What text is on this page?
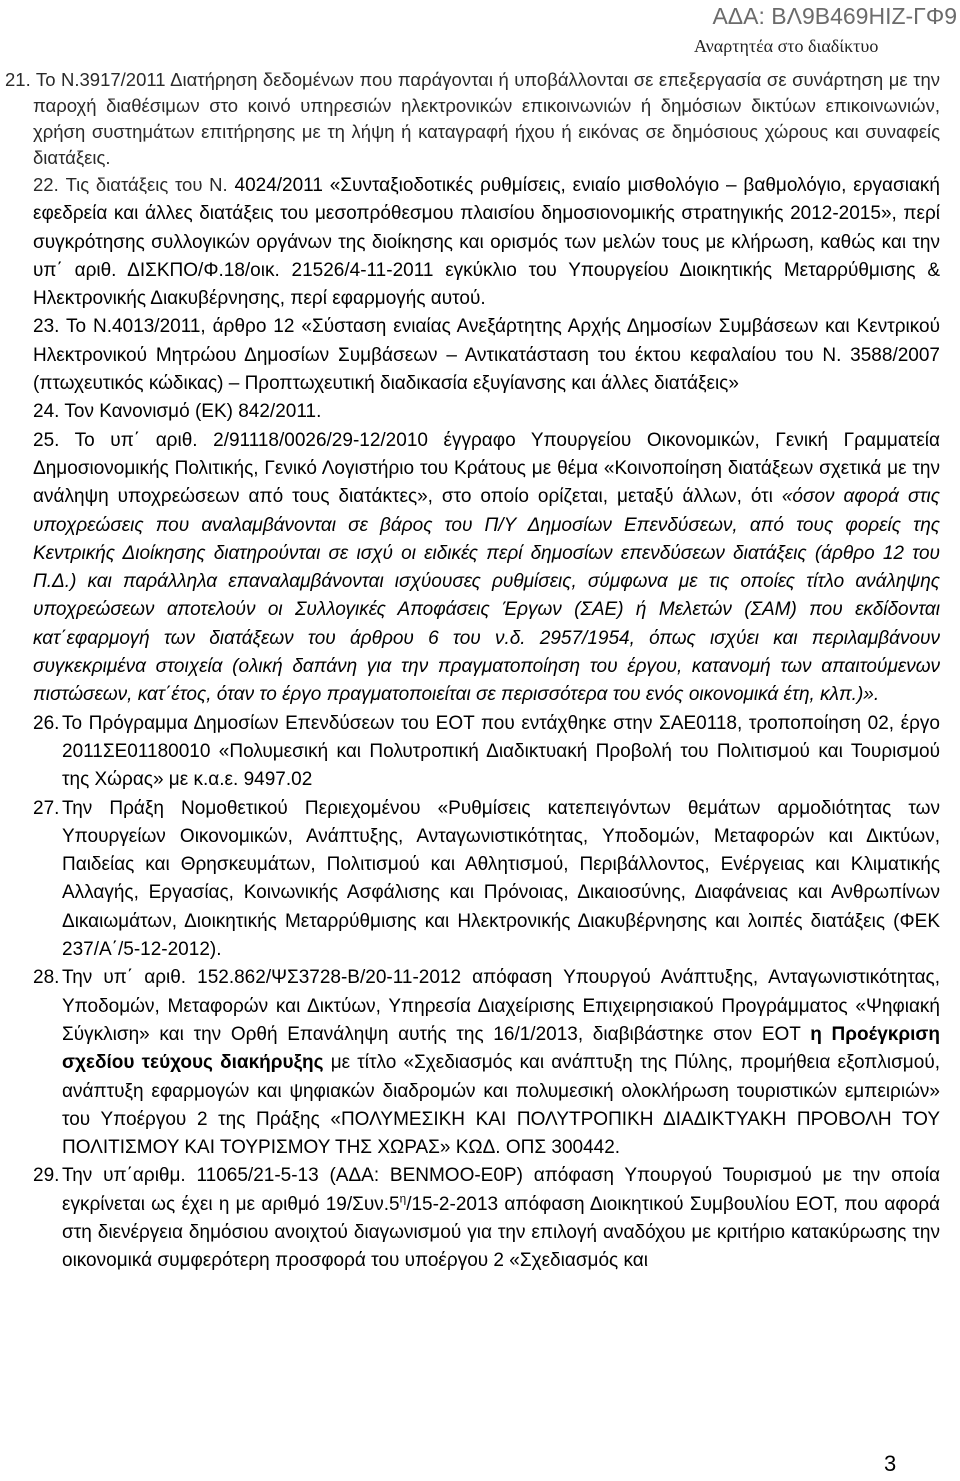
ΑΔΑ: ΒΛ9Β469ΗΙΖ-ΓΦ9
Αναρτητέα στο διαδίκτυο

21. Το Ν.3917/2011 Διατήρηση δεδομένων που παράγονται ή υποβάλλονται σε επεξεργασία σε συνάρτηση με την παροχή διαθέσιμων στο κοινό υπηρεσιών ηλεκτρονικών επικοινωνιών ή δημόσιων δικτύων επικοινωνιών, χρήση συστημάτων επιτήρησης με τη λήψη ή καταγραφή ήχου ή εικόνας σε δημόσιους χώρους και συναφείς διατάξεις.

22. Τις διατάξεις του Ν. 4024/2011 «Συνταξιοδοτικές ρυθμίσεις, ενιαίο μισθολόγιο – βαθμολόγιο, εργασιακή εφεδρεία και άλλες διατάξεις του μεσοπρόθεσμου πλαισίου δημοσιονομικής στρατηγικής 2012-2015», περί συγκρότησης συλλογικών οργάνων της διοίκησης και ορισμός των μελών τους με κλήρωση, καθώς και την υπ΄ αριθ. ΔΙΣΚΠΟ/Φ.18/οικ. 21526/4-11-2011 εγκύκλιο του Υπουργείου Διοικητικής Μεταρρύθμισης & Ηλεκτρονικής Διακυβέρνησης, περί εφαρμογής αυτού.

23. Το Ν.4013/2011, άρθρο 12 «Σύσταση ενιαίας Ανεξάρτητης Αρχής Δημοσίων Συμβάσεων και Κεντρικού Ηλεκτρονικού Μητρώου Δημοσίων Συμβάσεων – Αντικατάσταση του έκτου κεφαλαίου του Ν. 3588/2007 (πτωχευτικός κώδικας) – Προπτωχευτική διαδικασία εξυγίανσης και άλλες διατάξεις»

24. Τον Κανονισμό (ΕΚ) 842/2011.

25. Το υπ΄ αριθ. 2/91118/0026/29-12/2010 έγγραφο Υπουργείου Οικονομικών, Γενική Γραμματεία Δημοσιονομικής Πολιτικής, Γενικό Λογιστήριο του Κράτους με θέμα «Κοινοποίηση διατάξεων σχετικά με την ανάληψη υποχρεώσεων από τους διατάκτες», στο οποίο ορίζεται, μεταξύ άλλων, ότι «όσον αφορά στις υποχρεώσεις που αναλαμβάνονται σε βάρος του Π/Υ Δημοσίων Επενδύσεων, από τους φορείς της Κεντρικής Διοίκησης διατηρούνται σε ισχύ οι ειδικές περί δημοσίων επενδύσεων διατάξεις (άρθρο 12 του Π.Δ.) και παράλληλα επαναλαμβάνονται ισχύουσες ρυθμίσεις, σύμφωνα με τις οποίες τίτλο ανάληψης υποχρεώσεων αποτελούν οι Συλλογικές Αποφάσεις Έργων (ΣΑΕ) ή Μελετών (ΣΑΜ) που εκδίδονται κατ΄εφαρμογή των διατάξεων του άρθρου 6 του ν.δ. 2957/1954, όπως ισχύει και περιλαμβάνουν συγκεκριμένα στοιχεία (ολική δαπάνη για την πραγματοποίηση του έργου, κατανομή των απαιτούμενων πιστώσεων, κατ΄έτος, όταν το έργο πραγματοποιείται σε περισσότερα του ενός οικονομικά έτη, κλπ.)».

26. Το Πρόγραμμα Δημοσίων Επενδύσεων του ΕΟΤ που εντάχθηκε στην ΣΑΕ0118, τροποποίηση 02, έργο 2011ΣΕ01180010 «Πολυμεσική και Πολυτροπική Διαδικτυακή Προβολή του Πολιτισμού και Τουρισμού της Χώρας» με κ.α.ε. 9497.02

27. Την Πράξη Νομοθετικού Περιεχομένου «Ρυθμίσεις κατεπειγόντων θεμάτων αρμοδιότητας των Υπουργείων Οικονομικών, Ανάπτυξης, Ανταγωνιστικότητας, Υποδομών, Μεταφορών και Δικτύων, Παιδείας και Θρησκευμάτων, Πολιτισμού και Αθλητισμού, Περιβάλλοντος, Ενέργειας και Κλιματικής Αλλαγής, Εργασίας, Κοινωνικής Ασφάλισης και Πρόνοιας, Δικαιοσύνης, Διαφάνειας και Ανθρωπίνων Δικαιωμάτων, Διοικητικής Μεταρρύθμισης και Ηλεκτρονικής Διακυβέρνησης και λοιπές διατάξεις (ΦΕΚ 237/Α΄/5-12-2012).

28. Την υπ΄ αριθ. 152.862/ΨΣ3728-Β/20-11-2012 απόφαση Υπουργού Ανάπτυξης, Ανταγωνιστικότητας, Υποδομών, Μεταφορών και Δικτύων, Υπηρεσία Διαχείρισης Επιχειρησιακού Προγράμματος «Ψηφιακή Σύγκλιση» και την Ορθή Επανάληψη αυτής της 16/1/2013, διαβιβάστηκε στον ΕΟΤ η Προέγκριση σχεδίου τεύχους διακήρυξης με τίτλο «Σχεδιασμός και ανάπτυξη της Πύλης, προμήθεια εξοπλισμού, ανάπτυξη εφαρμογών και ψηφιακών διαδρομών και πολυμεσική ολοκλήρωση τουριστικών εμπειριών» του Υποέργου 2 της Πράξης «ΠΟΛΥΜΕΣΙΚΗ ΚΑΙ ΠΟΛΥΤΡΟΠΙΚΗ ΔΙΑΔΙΚΤΥΑΚΗ ΠΡΟΒΟΛΗ ΤΟΥ ΠΟΛΙΤΙΣΜΟΥ ΚΑΙ ΤΟΥΡΙΣΜΟΥ ΤΗΣ ΧΩΡΑΣ» ΚΩΔ. ΟΠΣ 300442.

29. Την υπ΄αριθμ. 11065/21-5-13 (ΑΔΑ: ΒΕΝΜΟΟ-Ε0Ρ) απόφαση Υπουργού Τουρισμού με την οποία εγκρίνεται ως έχει η με αριθμό $19/\Sigma\upsilon\nu.5^\eta/15-2-2013$ απόφαση Διοικητικού Συμβουλίου ΕΟΤ, που αφορά στη διενέργεια δημόσιου ανοιχτού διαγωνισμού για την επιλογή αναδόχου με κριτήριο κατακύρωσης την οικονομικά συμφερότερη προσφορά του υποέργου 2 «Σχεδιασμός και

3
